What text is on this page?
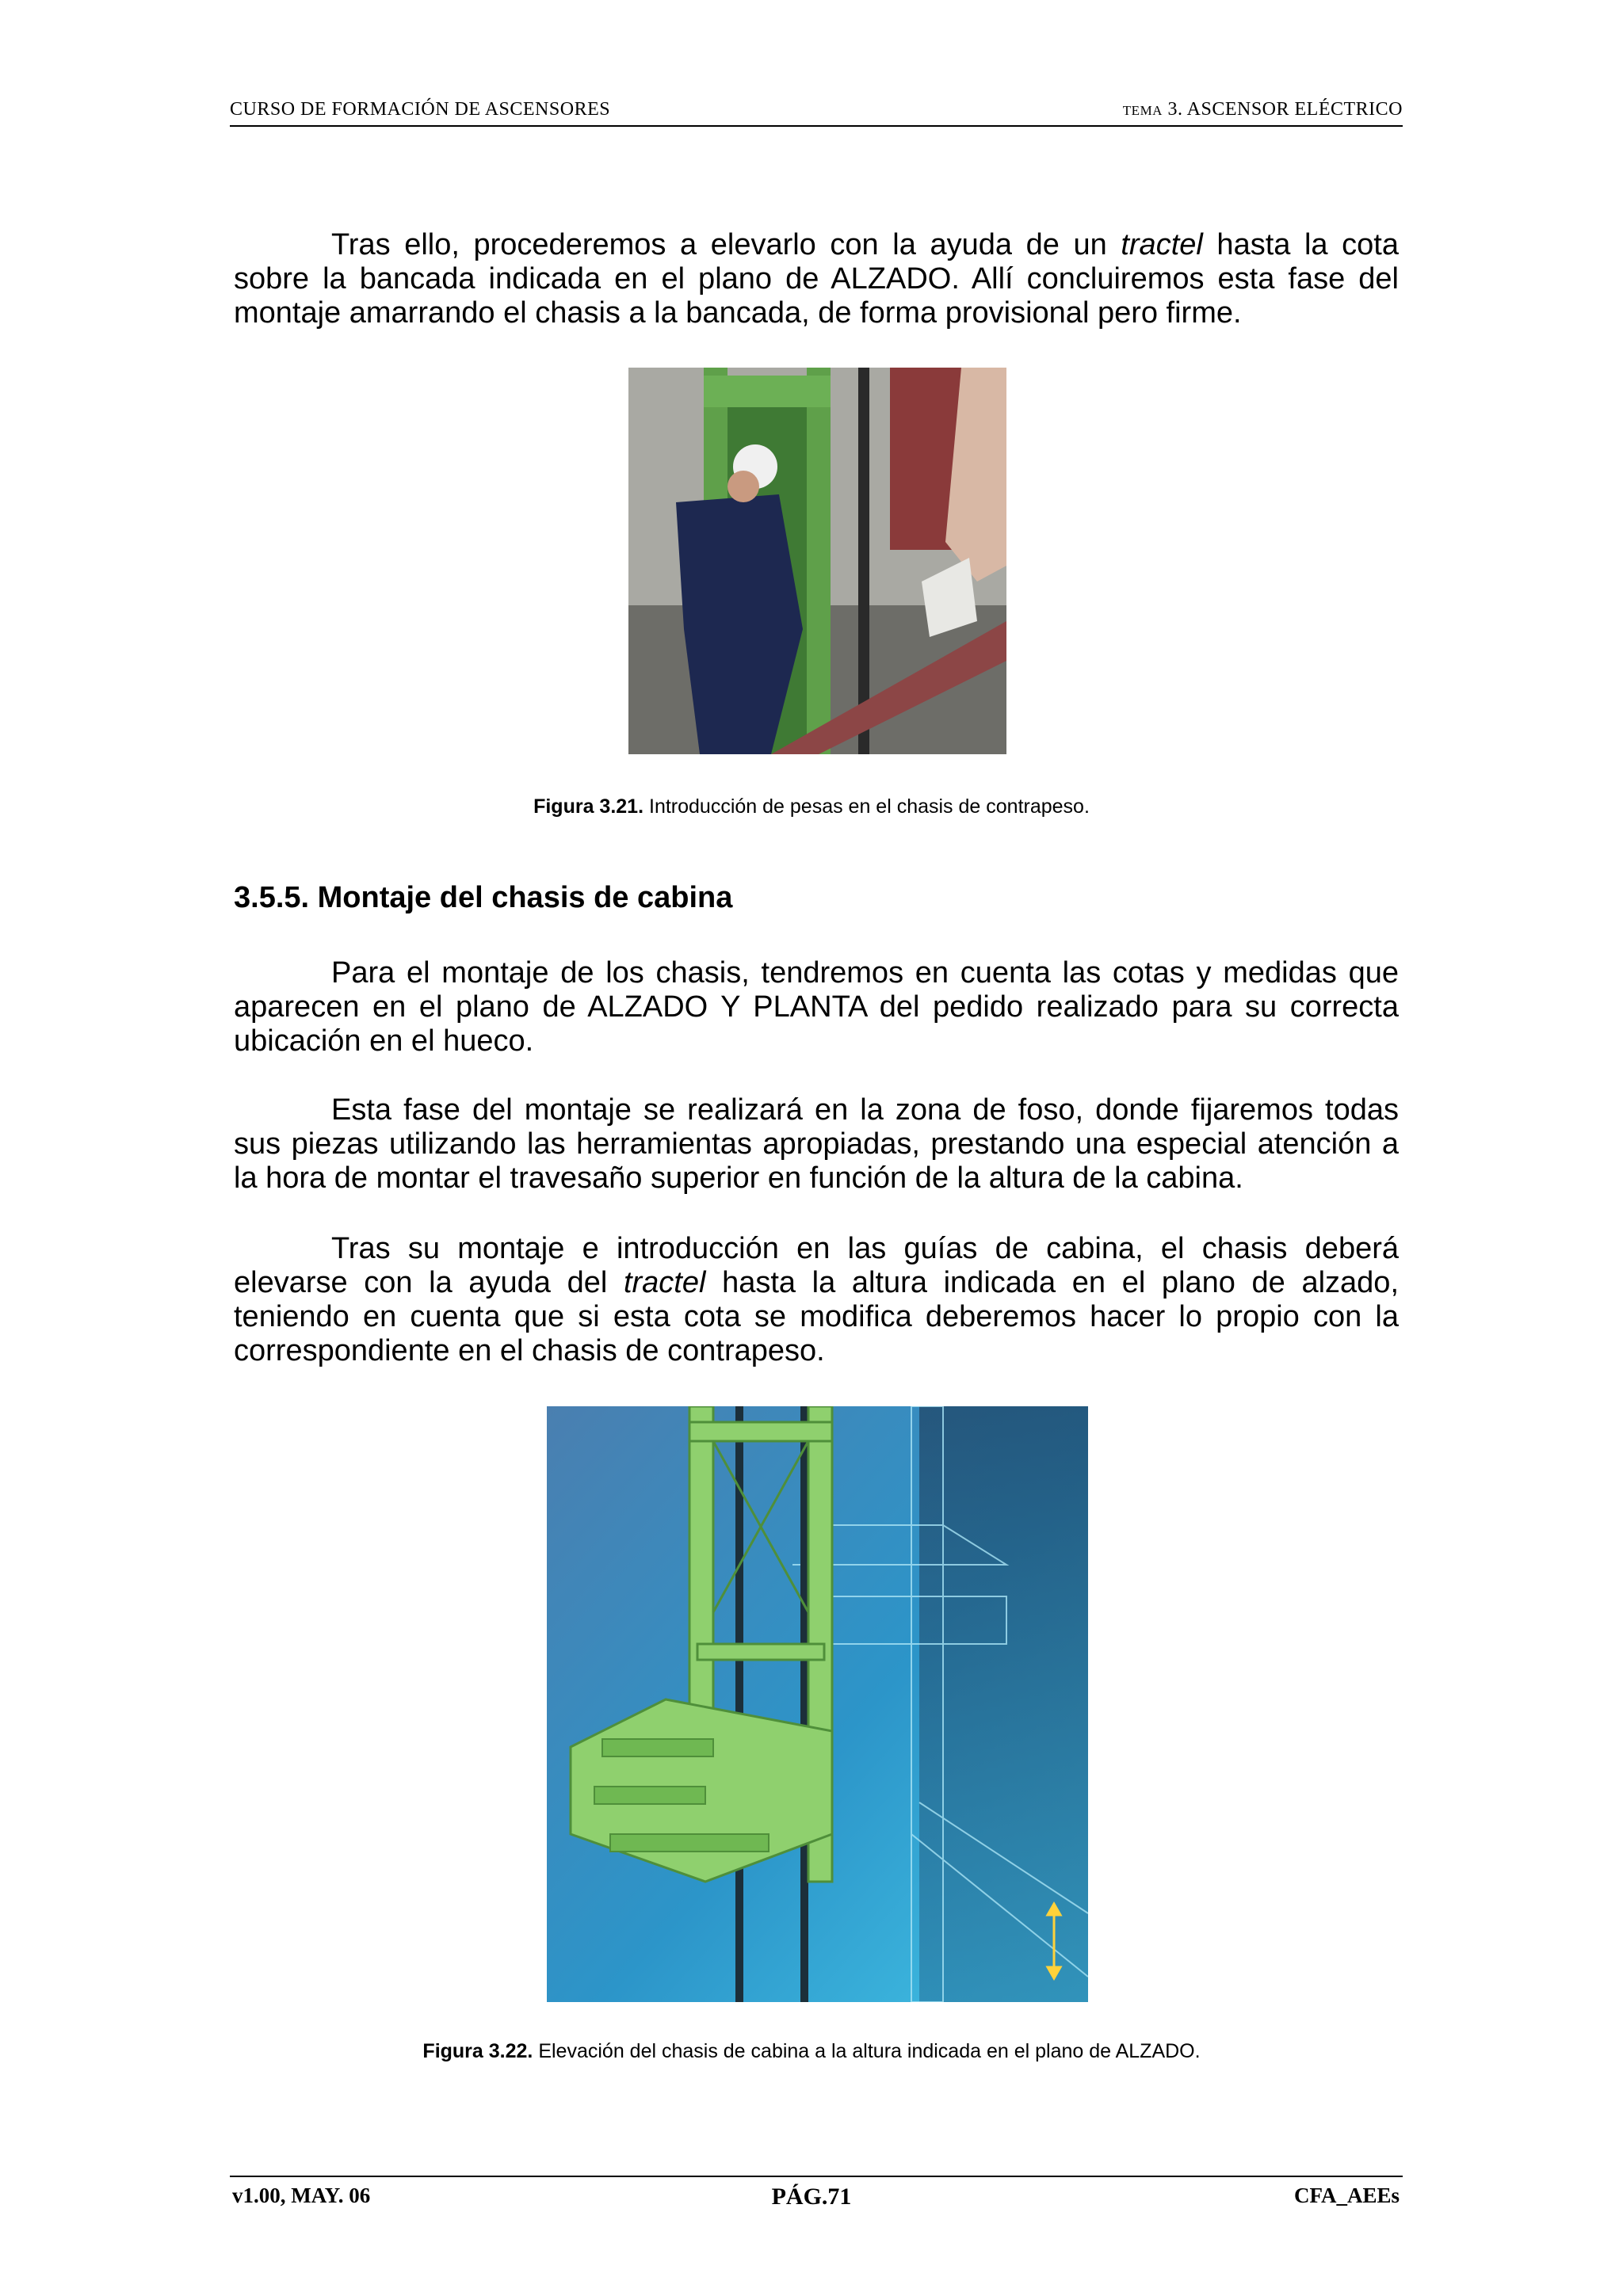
CURSO DE FORMACIÓN DE ASCENSORES	TEMA 3. ASCENSOR ELÉCTRICO

Tras ello, procederemos a elevarlo con la ayuda de un tractel hasta la cota sobre la bancada indicada en el plano de ALZADO. Allí concluiremos esta fase del montaje amarrando el chasis a la bancada, de forma provisional pero firme.

Figura 3.21. Introducción de pesas en el chasis de contrapeso.
3.5.5. Montaje del chasis de cabina

Para el montaje de los chasis, tendremos en cuenta las cotas y medidas que aparecen en el plano de ALZADO Y PLANTA del pedido realizado para su correcta ubicación en el hueco.

Esta fase del montaje se realizará en la zona de foso, donde fijaremos todas sus piezas utilizando las herramientas apropiadas, prestando una especial atención a la hora de montar el travesaño superior en función de la altura de la cabina.

Tras su montaje e introducción en las guías de cabina, el chasis deberá elevarse con la ayuda del tractel hasta la altura indicada en el plano de alzado, teniendo en cuenta que si esta cota se modifica deberemos hacer lo propio con la correspondiente en el chasis de contrapeso.

Figura 3.22. Elevación del chasis de cabina a la altura indicada en el plano de ALZADO.
v1.00, MAY. 06	PÁG.71	CFA_AEEs
